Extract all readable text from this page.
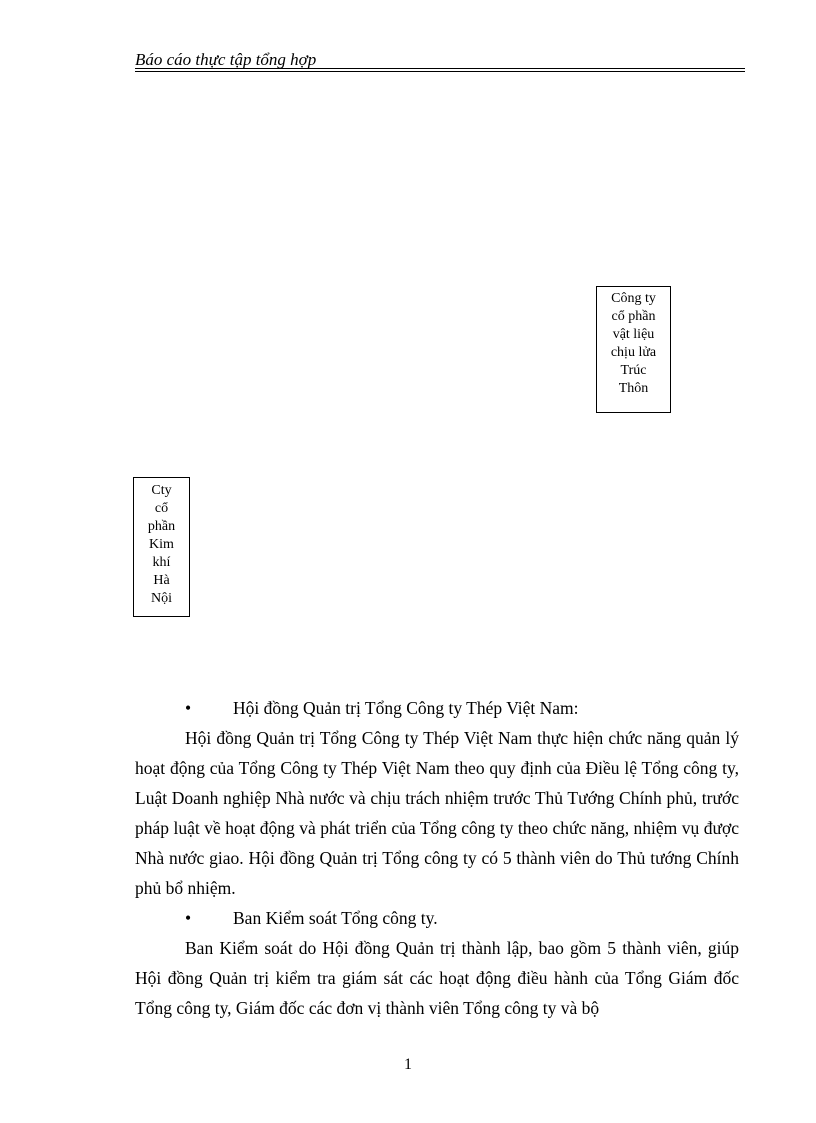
Báo cáo thực tập tổng hợp
Công ty
cổ phần
vật liệu
chịu lửa
Trúc
Thôn
Cty
cổ
phần
Kim
khí
Hà
Nội
• Hội đồng Quản trị Tổng Công ty Thép Việt Nam:

Hội đồng Quản trị Tổng Công ty Thép Việt Nam thực hiện chức năng quản lý hoạt động của Tổng Công ty Thép Việt Nam theo quy định của Điều lệ Tổng công ty, Luật Doanh nghiệp Nhà nước và chịu trách nhiệm trước Thủ Tướng Chính phủ, trước pháp luật về hoạt động và phát triển của Tổng công ty theo chức năng, nhiệm vụ được Nhà nước giao. Hội đồng Quản trị Tổng công ty có 5 thành viên do Thủ tướng Chính phủ bổ nhiệm.

• Ban Kiểm soát Tổng công ty.

Ban Kiểm soát do Hội đồng Quản trị thành lập, bao gồm 5 thành viên, giúp Hội đồng Quản trị kiểm tra giám sát các hoạt động điều hành của Tổng Giám đốc Tổng công ty, Giám đốc các đơn vị thành viên Tổng công ty và bộ

1
